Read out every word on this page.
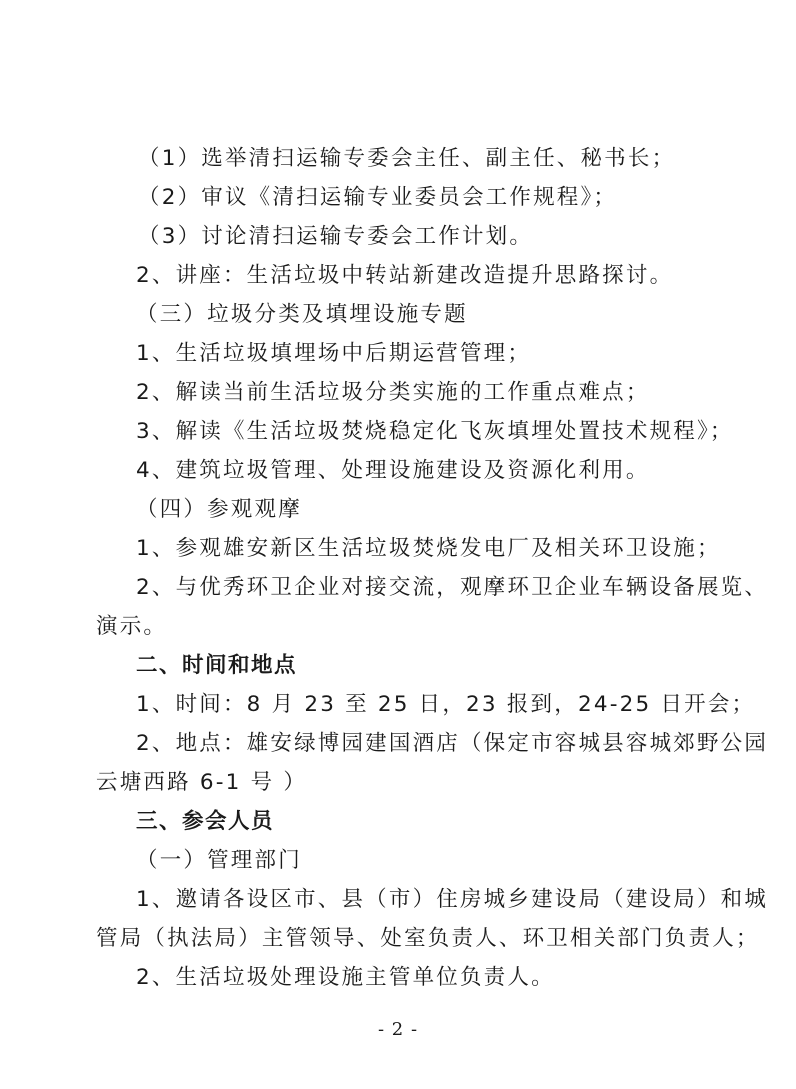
（1）选举清扫运输专委会主任、副主任、秘书长；
（2）审议《清扫运输专业委员会工作规程》；
（3）讨论清扫运输专委会工作计划。
2、讲座：生活垃圾中转站新建改造提升思路探讨。
（三）垃圾分类及填埋设施专题
1、生活垃圾填埋场中后期运营管理；
2、解读当前生活垃圾分类实施的工作重点难点；
3、解读《生活垃圾焚烧稳定化飞灰填埋处置技术规程》；
4、建筑垃圾管理、处理设施建设及资源化利用。
（四）参观观摩
1、参观雄安新区生活垃圾焚烧发电厂及相关环卫设施；
2、与优秀环卫企业对接交流，观摩环卫企业车辆设备展览、
演示。
二、时间和地点
1、时间：8 月 23 至 25 日，23 报到，24-25 日开会；
2、地点：雄安绿博园建国酒店（保定市容城县容城郊野公园
云塘西路 6-1 号 ）
三、参会人员
（一）管理部门
1、邀请各设区市、县（市）住房城乡建设局（建设局）和城
管局（执法局）主管领导、处室负责人、环卫相关部门负责人；
2、生活垃圾处理设施主管单位负责人。
- 2 -
